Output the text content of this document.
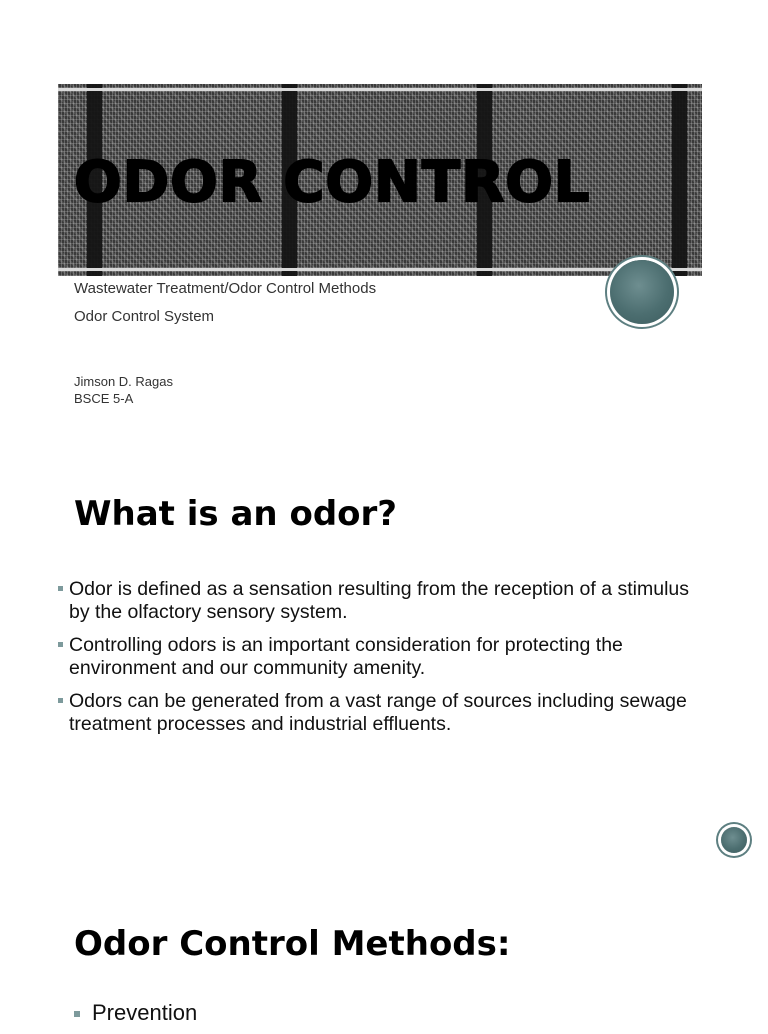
ODOR CONTROL
Wastewater Treatment/Odor Control Methods
Odor Control System
Jimson D. Ragas
BSCE 5-A
What is an odor?
Odor is defined as a sensation resulting from the reception of a stimulus by the olfactory sensory system.
Controlling odors is an important consideration for protecting the environment and our community amenity.
Odors can be generated from a vast range of sources including sewage treatment processes and industrial effluents.
Odor Control Methods:
Prevention
